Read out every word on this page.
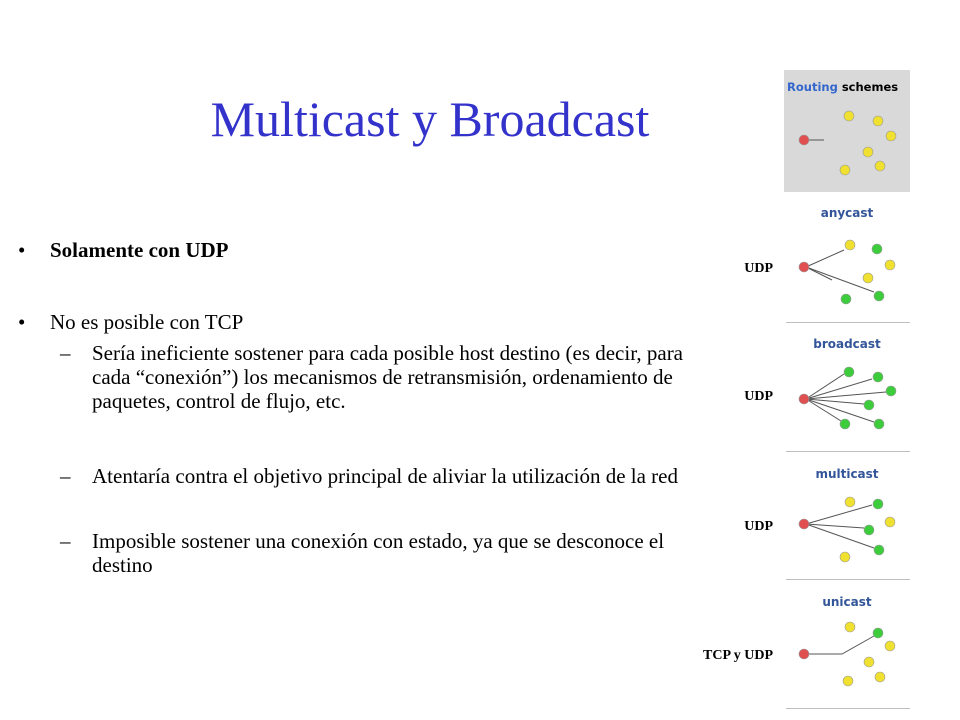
Multicast y Broadcast
• Solamente con UDP
• No es posible con TCP
– Sería ineficiente sostener para cada posible host destino (es decir, para cada “conexión”) los mecanismos de retransmisión, ordenamiento de paquetes, control de flujo, etc.
– Atentaría contra el objetivo principal de aliviar la utilización de la red
– Imposible sostener una conexión con estado, ya que se desconoce el destino
UDP
UDP
UDP
TCP y UDP
Routing schemes
anycast
broadcast
multicast
unicast
